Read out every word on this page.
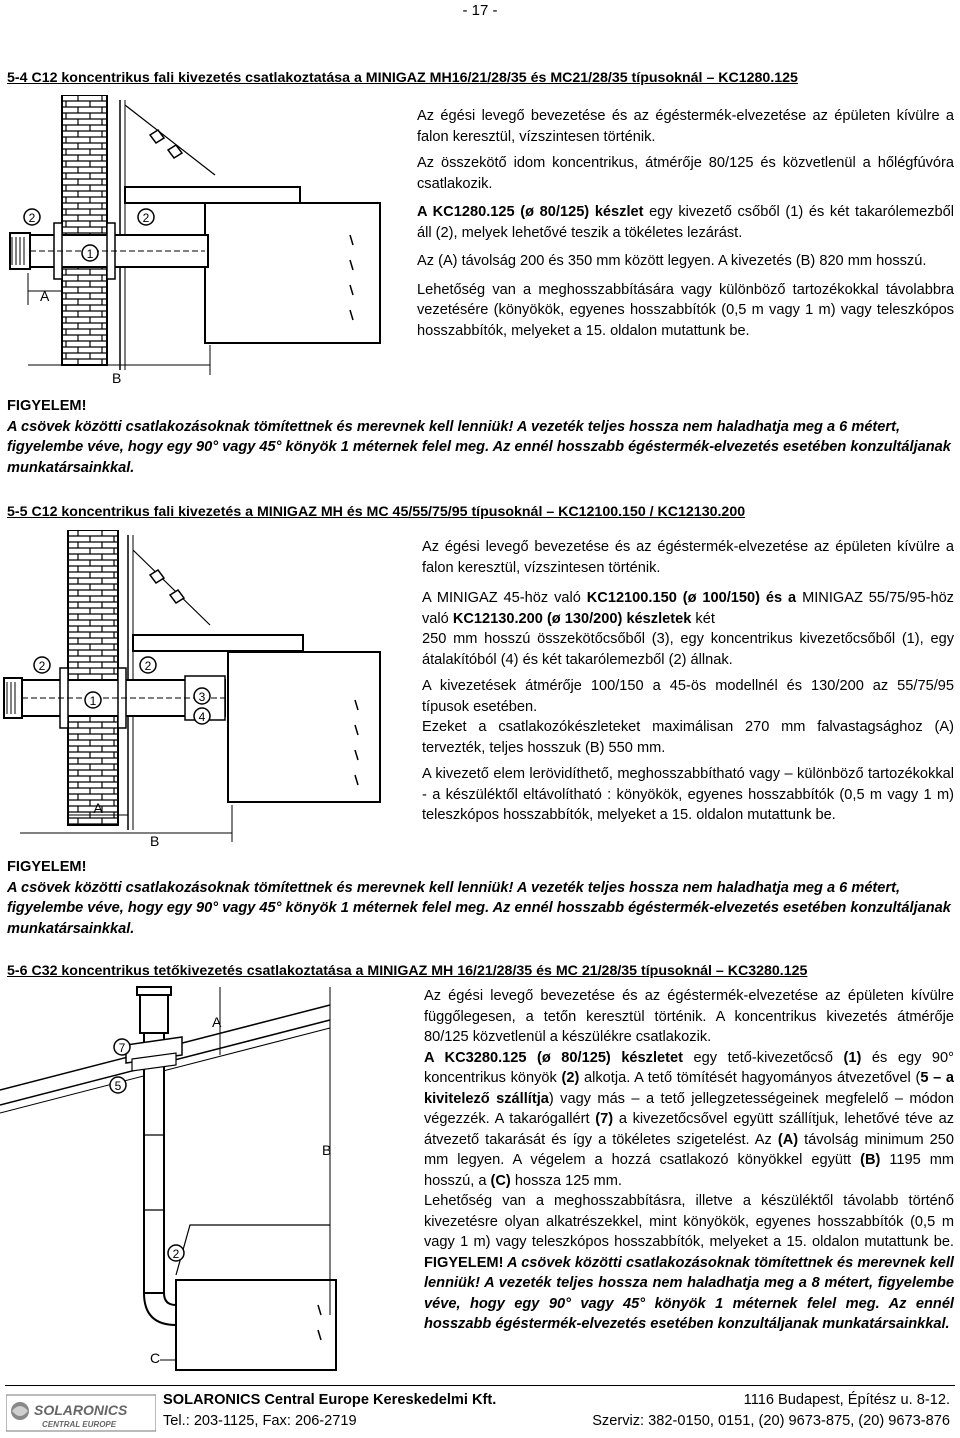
- 17 -
5-4 C12 koncentrikus fali kivezetés csatlakoztatása a MINIGAZ MH16/21/28/35 és MC21/28/35 típusoknál – KC1280.125
2	2
1
A
B

Az égési levegő bevezetése és az égéstermék-elvezetése az épületen kívülre a falon keresztül, vízszintesen történik.

Az összekötő idom koncentrikus, átmérője 80/125 és közvetlenül a hőlégfúvóra csatlakozik.

A KC1280.125 (ø 80/125) készlet egy kivezető csőből (1) és két takarólemezből áll (2), melyek lehetővé teszik a tökéletes lezárást.

Az (A) távolság 200 és 350 mm között legyen. A kivezetés (B) 820 mm hosszú.

Lehetőség van a meghosszabbítására vagy különböző tartozékokkal távolabbra vezetésére (könyökök, egyenes hosszabbítók (0,5 m vagy 1 m) vagy teleszkópos hosszabbítók, melyeket a 15. oldalon mutattunk be.

FIGYELEM!
A csövek közötti csatlakozásoknak tömítettnek és merevnek kell lenniük! A vezeték teljes hossza nem haladhatja meg a 6 métert, figyelembe véve, hogy egy 90° vagy 45° könyök 1 méternek felel meg. Az ennél hosszabb égéstermék-elvezetés esetében konzultáljanak munkatársainkkal.
5-5 C12 koncentrikus fali kivezetés a MINIGAZ MH és MC 45/55/75/95 típusoknál – KC12100.150 / KC12130.200
2	2
1	3
4
A
B

Az égési levegő bevezetése és az égéstermék-elvezetése az épületen kívülre a falon keresztül, vízszintesen történik.

A MINIGAZ 45-höz való KC12100.150 (ø 100/150) és a MINIGAZ 55/75/95-höz való KC12130.200 (ø 130/200) készletek két

250 mm hosszú összekötőcsőből (3), egy koncentrikus kivezetőcsőből (1), egy átalakítóból (4) és két takarólemezből (2) állnak.

A kivezetések átmérője 100/150 a 45-ös modellnél és 130/200 az 55/75/95 típusok esetében.

Ezeket a csatlakozókészleteket maximálisan 270 mm falvastagsághoz (A) tervezték, teljes hosszuk (B) 550 mm.

A kivezető elem lerövidíthető, meghosszabbítható vagy – különböző tartozékokkal - a készüléktől eltávolítható : könyökök, egyenes hosszabbítók (0,5 m vagy 1 m) teleszkópos hosszabbítók, melyeket a 15. oldalon mutattunk be.

FIGYELEM!
A csövek közötti csatlakozásoknak tömítettnek és merevnek kell lenniük! A vezeték teljes hossza nem haladhatja meg a 6 métert, figyelembe véve, hogy egy 90° vagy 45° könyök 1 méternek felel meg. Az ennél hosszabb égéstermék-elvezetés esetében konzultáljanak munkatársainkkal.
5-6 C32 koncentrikus tetőkivezetés csatlakoztatása a MINIGAZ MH 16/21/28/35 és MC 21/28/35 típusoknál – KC3280.125
7
5
2
A
B
C

Az égési levegő bevezetése és az égéstermék-elvezetése az épületen kívülre függőlegesen, a tetőn keresztül történik. A koncentrikus kivezetés átmérője 80/125 közvetlenül a készülékre csatlakozik.

A KC3280.125 (ø 80/125) készletet egy tető-kivezetőcső (1) és egy 90° koncentrikus könyök (2) alkotja. A tető tömítését hagyományos átvezetővel (5 – a kivitelező szállítja) vagy más – a tető jellegzetességeinek megfelelő – módon végezzék. A takarógallért (7) a kivezetőcsővel együtt szállítjuk, lehetővé téve az átvezető takarását és így a tökéletes szigetelést. Az (A) távolság minimum 250 mm legyen. A végelem a hozzá csatlakozó könyökkel együtt (B) 1195 mm hosszú, a (C) hossza 125 mm.

Lehetőség van a meghosszabbításra, illetve a készüléktől távolabb történő kivezetésre olyan alkatrészekkel, mint könyökök, egyenes hosszabbítók (0,5 m vagy 1 m) vagy teleszkópos hosszabbítók, melyeket a 15. oldalon mutattunk be. FIGYELEM! A csövek közötti csatlakozásoknak tömítettnek és merevnek kell lenniük! A vezeték teljes hossza nem haladhatja meg a 8 métert, figyelembe véve, hogy egy 90° vagy 45° könyök 1 méternek felel meg. Az ennél hosszabb égéstermék-elvezetés esetében konzultáljanak munkatársainkkal.

SOLARONICS
CENTRAL EUROPE
SOLARONICS Central Europe Kereskedelmi Kft.	1116 Budapest, Építész u. 8-12.
Tel.: 203-1125, Fax: 206-2719	Szerviz: 382-0150, 0151, (20) 9673-875, (20) 9673-876
